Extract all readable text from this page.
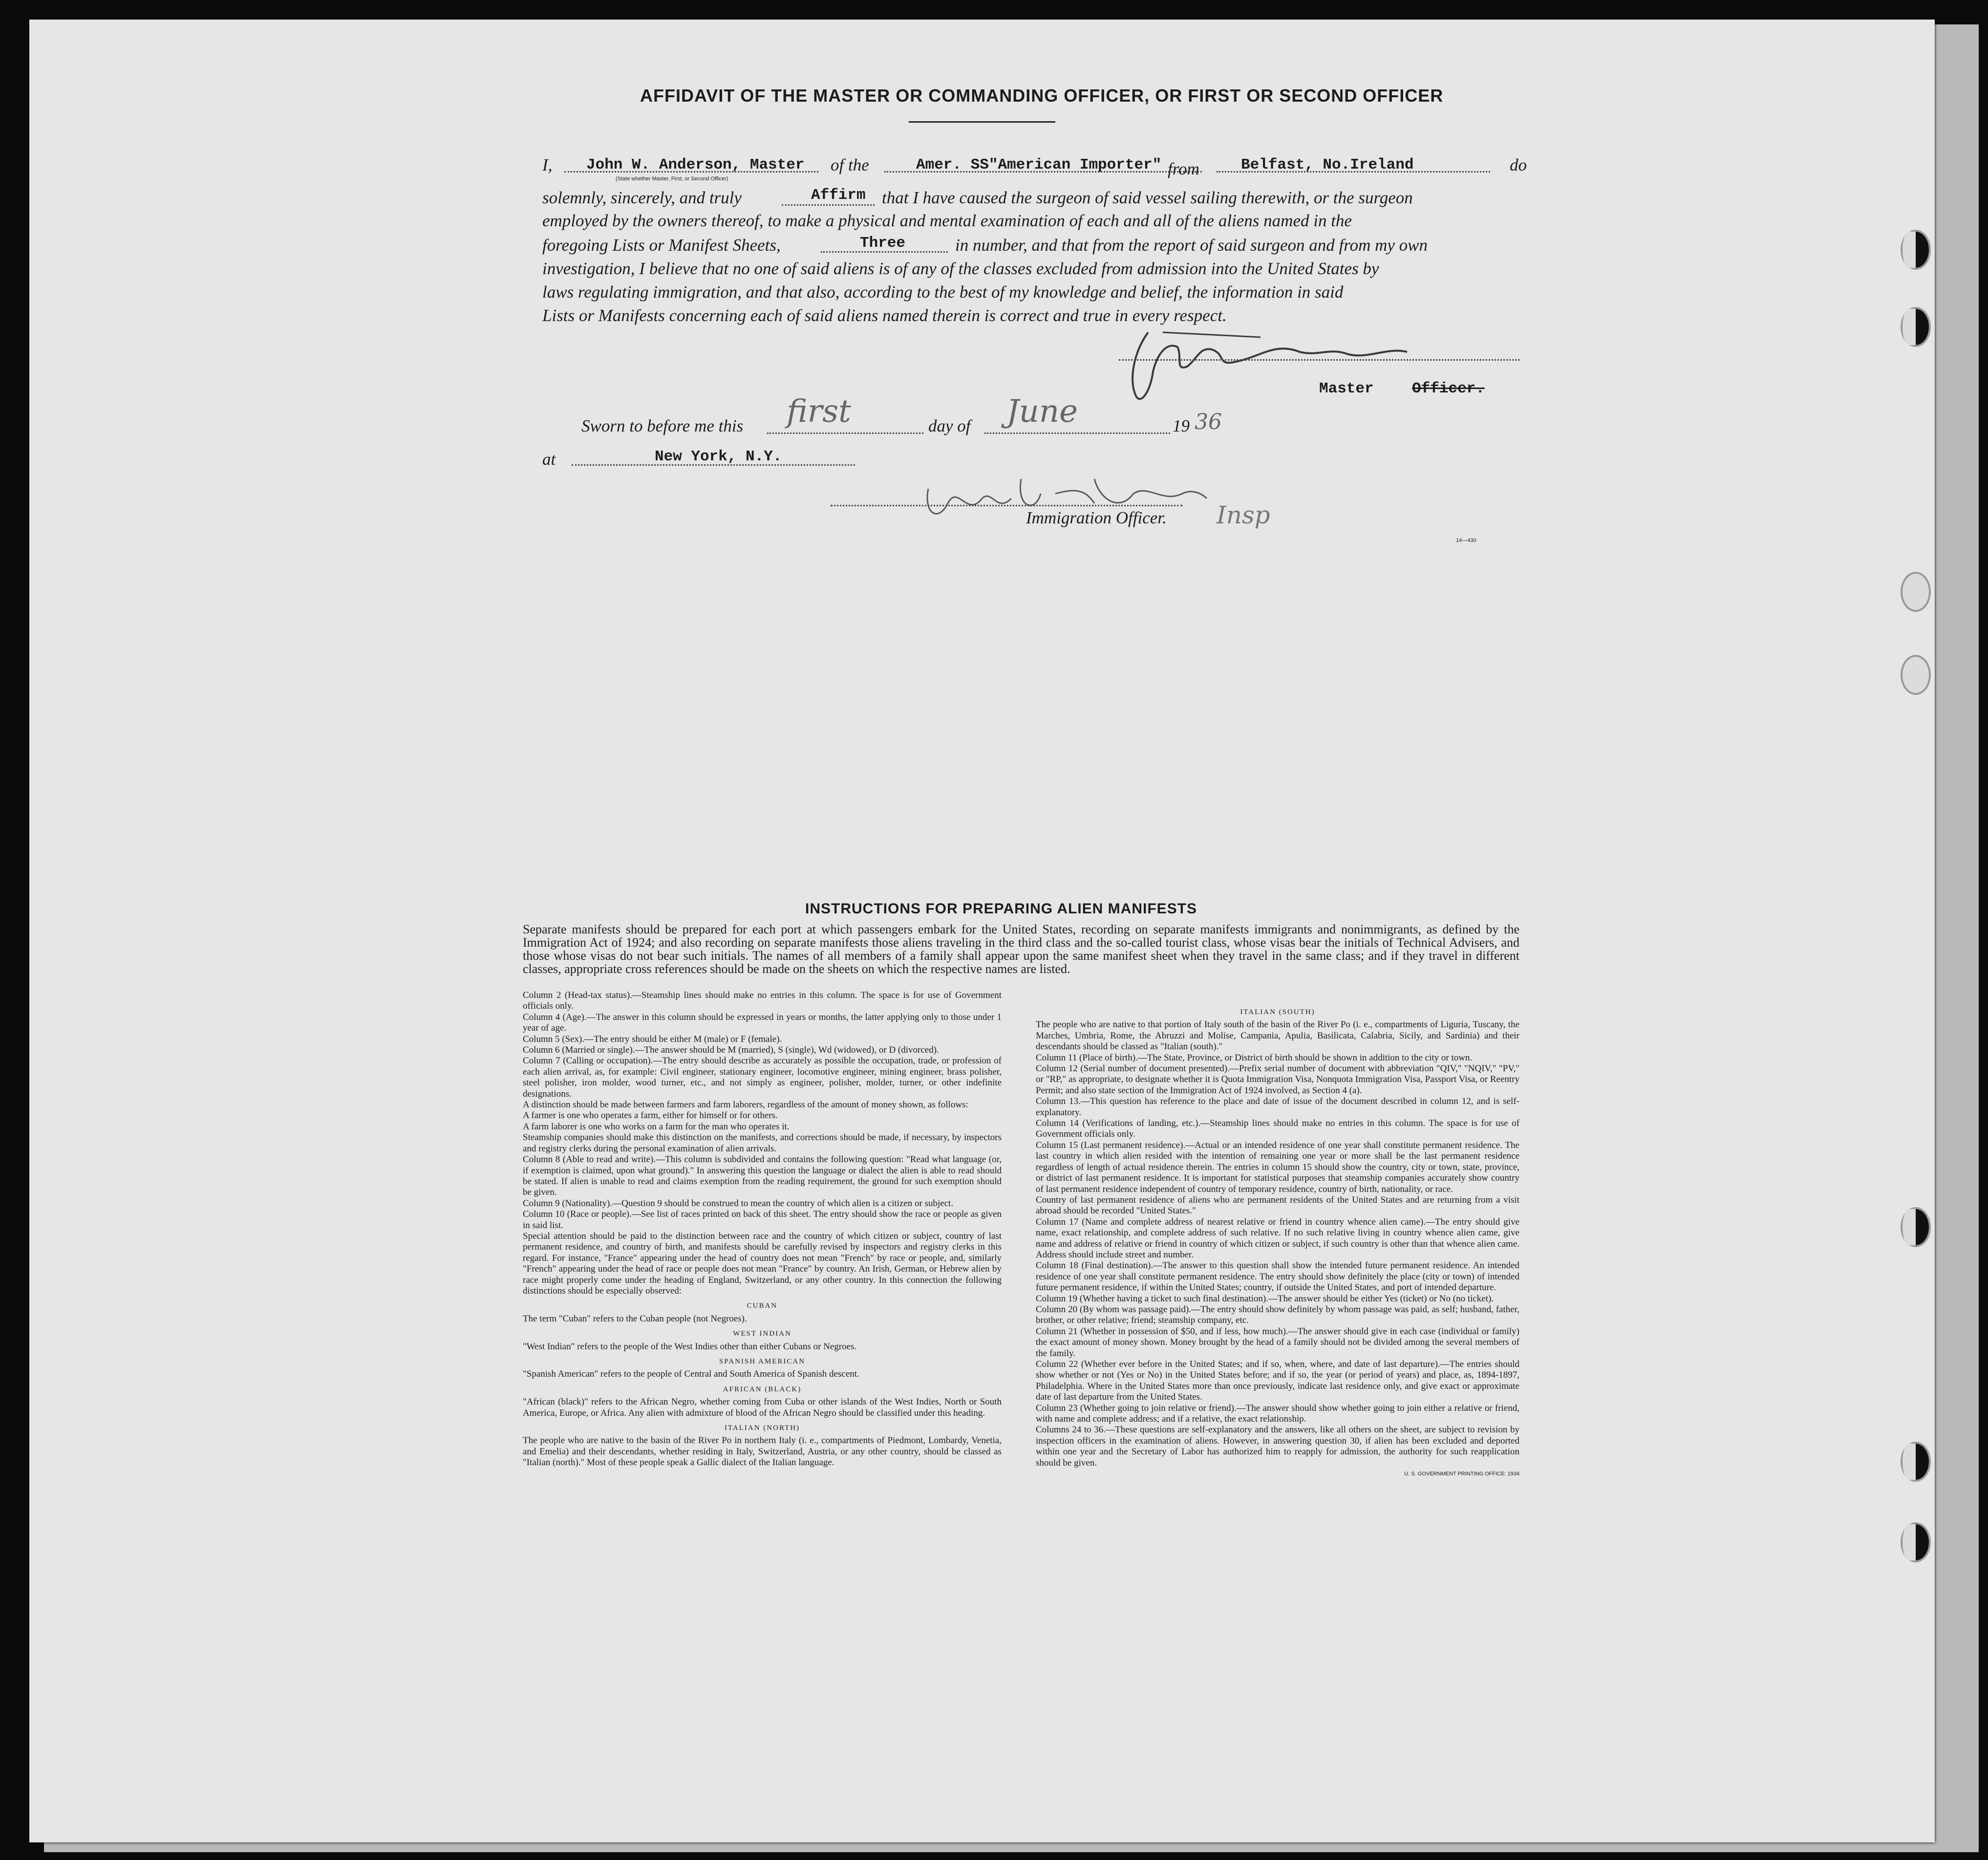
AFFIDAVIT OF THE MASTER OR COMMANDING OFFICER, OR FIRST OR SECOND OFFICER
I, John W. Anderson, Master
(State whether Master, First, or Second Officer)
of the	Amer. SS"American Importer" from	Belfast, No.Ireland	do
solemnly, sincerely, and truly	Affirm that I have caused the surgeon of said vessel sailing therewith, or the surgeon
employed by the owners thereof, to make a physical and mental examination of each and all of the aliens named in the
foregoing Lists or Manifest Sheets,	Three	in number, and that from the report of said surgeon and from my own
investigation, I believe that no one of said aliens is of any of the classes excluded from admission into the United States by
laws regulating immigration, and that also, according to the best of my knowledge and belief, the information in said
Lists or Manifests concerning each of said aliens named therein is correct and true in every respect.
Master	Officer.
Sworn to before me this first	day of June	19 36
at	New York, N.Y.
Immigration Officer. Insp
14—430
INSTRUCTIONS FOR PREPARING ALIEN MANIFESTS
Separate manifests should be prepared for each port at which passengers embark for the United States, recording on separate manifests immigrants and nonimmigrants, as defined by the Immigration Act of 1924; and also recording on separate manifests those aliens traveling in the third class and the so-called tourist class, whose visas bear the initials of Technical Advisers, and those whose visas do not bear such initials. The names of all members of a family shall appear upon the same manifest sheet when they travel in the same class; and if they travel in different classes, appropriate cross references should be made on the sheets on which the respective names are listed.
Column 2 (Head-tax status).—Steamship lines should make no entries in this column. The space is for use of Government officials only.
Column 4 (Age).—The answer in this column should be expressed in years or months, the latter applying only to those under 1 year of age.
Column 5 (Sex).—The entry should be either M (male) or F (female).
Column 6 (Married or single).—The answer should be M (married), S (single), Wd (widowed), or D (divorced).
Column 7 (Calling or occupation).—The entry should describe as accurately as possible the occupation, trade, or profession of each alien arrival, as, for example: Civil engineer, stationary engineer, locomotive engineer, mining engineer, brass polisher, steel polisher, iron molder, wood turner, etc., and not simply as engineer, polisher, molder, turner, or other indefinite designations.
A distinction should be made between farmers and farm laborers, regardless of the amount of money shown, as follows:
A farmer is one who operates a farm, either for himself or for others.
A farm laborer is one who works on a farm for the man who operates it.
Steamship companies should make this distinction on the manifests, and corrections should be made, if necessary, by inspectors and registry clerks during the personal examination of alien arrivals.
Column 8 (Able to read and write).—This column is subdivided and contains the following question: "Read what language (or, if exemption is claimed, upon what ground)." In answering this question the language or dialect the alien is able to read should be stated. If alien is unable to read and claims exemption from the reading requirement, the ground for such exemption should be given.
Column 9 (Nationality).—Question 9 should be construed to mean the country of which alien is a citizen or subject.
Column 10 (Race or people).—See list of races printed on back of this sheet. The entry should show the race or people as given in said list.
Special attention should be paid to the distinction between race and the country of which citizen or subject, country of last permanent residence, and country of birth, and manifests should be carefully revised by inspectors and registry clerks in this regard. For instance, "France" appearing under the head of country does not mean "French" by race or people, and, similarly "French" appearing under the head of race or people does not mean "France" by country. An Irish, German, or Hebrew alien by race might properly come under the heading of England, Switzerland, or any other country. In this connection the following distinctions should be especially observed:
CUBAN
The term "Cuban" refers to the Cuban people (not Negroes).
WEST INDIAN
"West Indian" refers to the people of the West Indies other than either Cubans or Negroes.
SPANISH AMERICAN
"Spanish American" refers to the people of Central and South America of Spanish descent.
AFRICAN (BLACK)
"African (black)" refers to the African Negro, whether coming from Cuba or other islands of the West Indies, North or South America, Europe, or Africa. Any alien with admixture of blood of the African Negro should be classified under this heading.
ITALIAN (NORTH)
The people who are native to the basin of the River Po in northern Italy (i. e., compartments of Piedmont, Lombardy, Venetia, and Emelia) and their descendants, whether residing in Italy, Switzerland, Austria, or any other country, should be classed as "Italian (north)." Most of these people speak a Gallic dialect of the Italian language.
ITALIAN (SOUTH)
The people who are native to that portion of Italy south of the basin of the River Po (i. e., compartments of Liguria, Tuscany, the Marches, Umbria, Rome, the Abruzzi and Molise, Campania, Apulia, Basilicata, Calabria, Sicily, and Sardinia) and their descendants should be classed as "Italian (south)."
Column 11 (Place of birth).—The State, Province, or District of birth should be shown in addition to the city or town.
Column 12 (Serial number of document presented).—Prefix serial number of document with abbreviation "QIV," "NQIV," "PV," or "RP," as appropriate, to designate whether it is Quota Immigration Visa, Nonquota Immigration Visa, Passport Visa, or Reentry Permit; and also state section of the Immigration Act of 1924 involved, as Section 4 (a).
Column 13.—This question has reference to the place and date of issue of the document described in column 12, and is self-explanatory.
Column 14 (Verifications of landing, etc.).—Steamship lines should make no entries in this column. The space is for use of Government officials only.
Column 15 (Last permanent residence).—Actual or an intended residence of one year shall constitute permanent residence. The last country in which alien resided with the intention of remaining one year or more shall be the last permanent residence regardless of length of actual residence therein. The entries in column 15 should show the country, city or town, state, province, or district of last permanent residence. It is important for statistical purposes that steamship companies accurately show country of last permanent residence independent of country of temporary residence, country of birth, nationality, or race.
Country of last permanent residence of aliens who are permanent residents of the United States and are returning from a visit abroad should be recorded "United States."
Column 17 (Name and complete address of nearest relative or friend in country whence alien came).—The entry should give name, exact relationship, and complete address of such relative. If no such relative living in country whence alien came, give name and address of relative or friend in country of which citizen or subject, if such country is other than that whence alien came. Address should include street and number.
Column 18 (Final destination).—The answer to this question shall show the intended future permanent residence. An intended residence of one year shall constitute permanent residence. The entry should show definitely the place (city or town) of intended future permanent residence, if within the United States; country, if outside the United States, and port of intended departure.
Column 19 (Whether having a ticket to such final destination).—The answer should be either Yes (ticket) or No (no ticket).
Column 20 (By whom was passage paid).—The entry should show definitely by whom passage was paid, as self; husband, father, brother, or other relative; friend; steamship company, etc.
Column 21 (Whether in possession of $50, and if less, how much).—The answer should give in each case (individual or family) the exact amount of money shown. Money brought by the head of a family should not be divided among the several members of the family.
Column 22 (Whether ever before in the United States; and if so, when, where, and date of last departure).—The entries should show whether or not (Yes or No) in the United States before; and if so, the year (or period of years) and place, as, 1894-1897, Philadelphia. Where in the United States more than once previously, indicate last residence only, and give exact or approximate date of last departure from the United States.
Column 23 (Whether going to join relative or friend).—The answer should show whether going to join either a relative or friend, with name and complete address; and if a relative, the exact relationship.
Columns 24 to 36.—These questions are self-explanatory and the answers, like all others on the sheet, are subject to revision by inspection officers in the examination of aliens. However, in answering question 30, if alien has been excluded and deported within one year and the Secretary of Labor has authorized him to reapply for admission, the authority for such reapplication should be given.
U. S. GOVERNMENT PRINTING OFFICE: 1934
